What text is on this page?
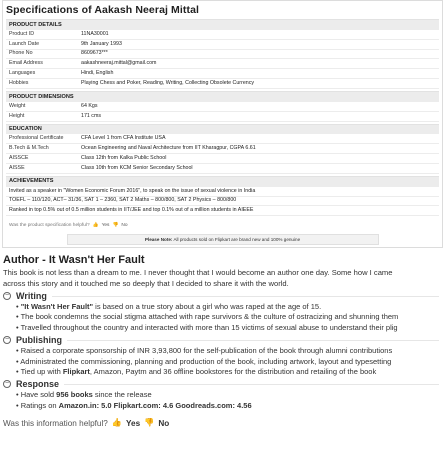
Specifications of Aakash Neeraj Mittal
PRODUCT DETAILS
Product ID	11NA30001
Launch Date	9th January 1993
Phone No	8609673***
Email Address	aakashneeraj.mittal@gmail.com
Languages	Hindi, English
Hobbies	Playing Chess and Poker, Reading, Writing, Collecting Obsolete Currency
PRODUCT DIMENSIONS
Weight	64 Kgs
Height	171 cms
EDUCATION
Professional Certificate	CFA Level 1 from CFA Institute USA
B.Tech & M.Tech	Ocean Engineering and Naval Architecture from IIT Kharagpur, CGPA 6.61
AISSCE	Class 12th from Kalka Public School
AISSE	Class 10th from KCM Senior Secondary School
ACHIEVEMENTS
Invited as a speaker in "Women Economic Forum 2016", to speak on the issue of sexual violence in India
TOEFL – 110/120, ACT– 31/36, SAT 1 – 2360, SAT 2 Maths – 800/800, SAT 2 Physics – 800/800
Ranked in top 0.5% out of 0.5 million students in IIT/JEE and top 0.1% out of a million students in AIEEE
Was the product specification helpful? 👍 Yes 👎 No
Please Note: All products sold on Flipkart are brand new and 100% genuine
Author - It Wasn't Her Fault
This book is not less than a dream to me. I never thought that I would become an author one day. Some how I came
across this story and it touched me so deeply that I decided to share it with the world.
− Writing
• "It Wasn't Her Fault" is based on a true story about a girl who was raped at the age of 15.
• The book condemns the social stigma attached with rape survivors & the culture of ostracizing and shunning them
• Travelled throughout the country and interacted with more than 15 victims of sexual abuse to understand their plig
− Publishing
• Raised a corporate sponsorship of INR 3,93,800 for the self-publication of the book through alumni contributions
• Administrated the commissioning, planning and production of the book, including artwork, layout and typesetting
• Tied up with Flipkart, Amazon, Paytm and 36 offline bookstores for the distribution and retailing of the book
− Response
• Have sold 956 books since the release
• Ratings on Amazon.in: 5.0 Flipkart.com: 4.6 Goodreads.com: 4.56
Was this information helpful? 👍 Yes 👎 No
